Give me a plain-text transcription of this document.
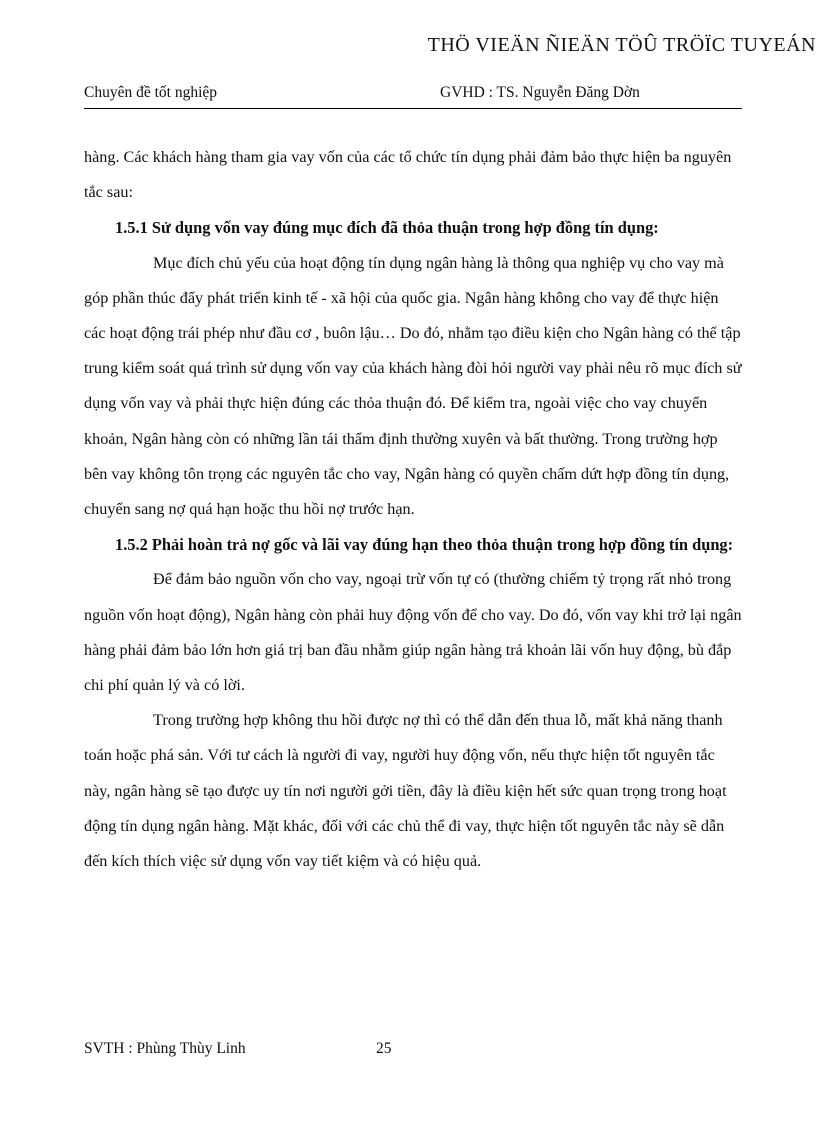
THÖ VIEÄN ÑIEÄN TÖÛ TRÖÏC TUYEÁN
Chuyên đề tốt nghiệp	GVHD : TS. Nguyễn Đăng Dờn

hàng. Các khách hàng tham gia vay vốn của các tổ chức tín dụng phải đảm bảo thực hiện ba nguyên tắc sau:

1.5.1 Sử dụng vốn vay đúng mục đích đã thỏa thuận trong hợp đồng tín dụng:

Mục đích chủ yếu của hoạt động tín dụng ngân hàng là thông qua nghiệp vụ cho vay mà góp phần thúc đẩy phát triển kinh tế - xã hội của quốc gia. Ngân hàng không cho vay để thực hiện các hoạt động trái phép như đầu cơ , buôn lậu… Do đó, nhằm tạo điều kiện cho Ngân hàng có thể tập trung kiểm soát quá trình sử dụng vốn vay của khách hàng đòi hỏi người vay phải nêu rõ mục đích sử dụng vốn vay và phải thực hiện đúng các thỏa thuận đó. Để kiểm tra, ngoài việc cho vay chuyển khoản, Ngân hàng còn có những lần tái thẩm định thường xuyên và bất thường. Trong trường hợp bên vay không tôn trọng các nguyên tắc cho vay, Ngân hàng có quyền chấm dứt hợp đồng tín dụng, chuyển sang nợ quá hạn hoặc thu hồi nợ trước hạn.

1.5.2 Phải hoàn trả nợ gốc và lãi vay đúng hạn theo thỏa thuận trong hợp đồng tín dụng:

Để đảm bảo nguồn vốn cho vay, ngoại trừ vốn tự có (thường chiếm tỷ trọng rất nhỏ trong nguồn vốn hoạt động), Ngân hàng còn phải huy động vốn để cho vay. Do đó, vốn vay khi trở lại ngân hàng phải đảm bảo lớn hơn giá trị ban đầu nhằm giúp ngân hàng trả khoản lãi vốn huy động, bù đắp chi phí quản lý và có lời.

Trong trường hợp không thu hồi được nợ thì có thể dẫn đến thua lỗ, mất khả năng thanh toán hoặc phá sản. Với tư cách là người đi vay, người huy động vốn, nếu thực hiện tốt nguyên tắc này, ngân hàng sẽ tạo được uy tín nơi người gởi tiền, đây là điều kiện hết sức quan trọng trong hoạt động tín dụng ngân hàng. Mặt khác, đối với các chủ thể đi vay, thực hiện tốt nguyên tắc này sẽ dẫn đến kích thích việc sử dụng vốn vay tiết kiệm và có hiệu quả.

SVTH : Phùng Thùy Linh	25
